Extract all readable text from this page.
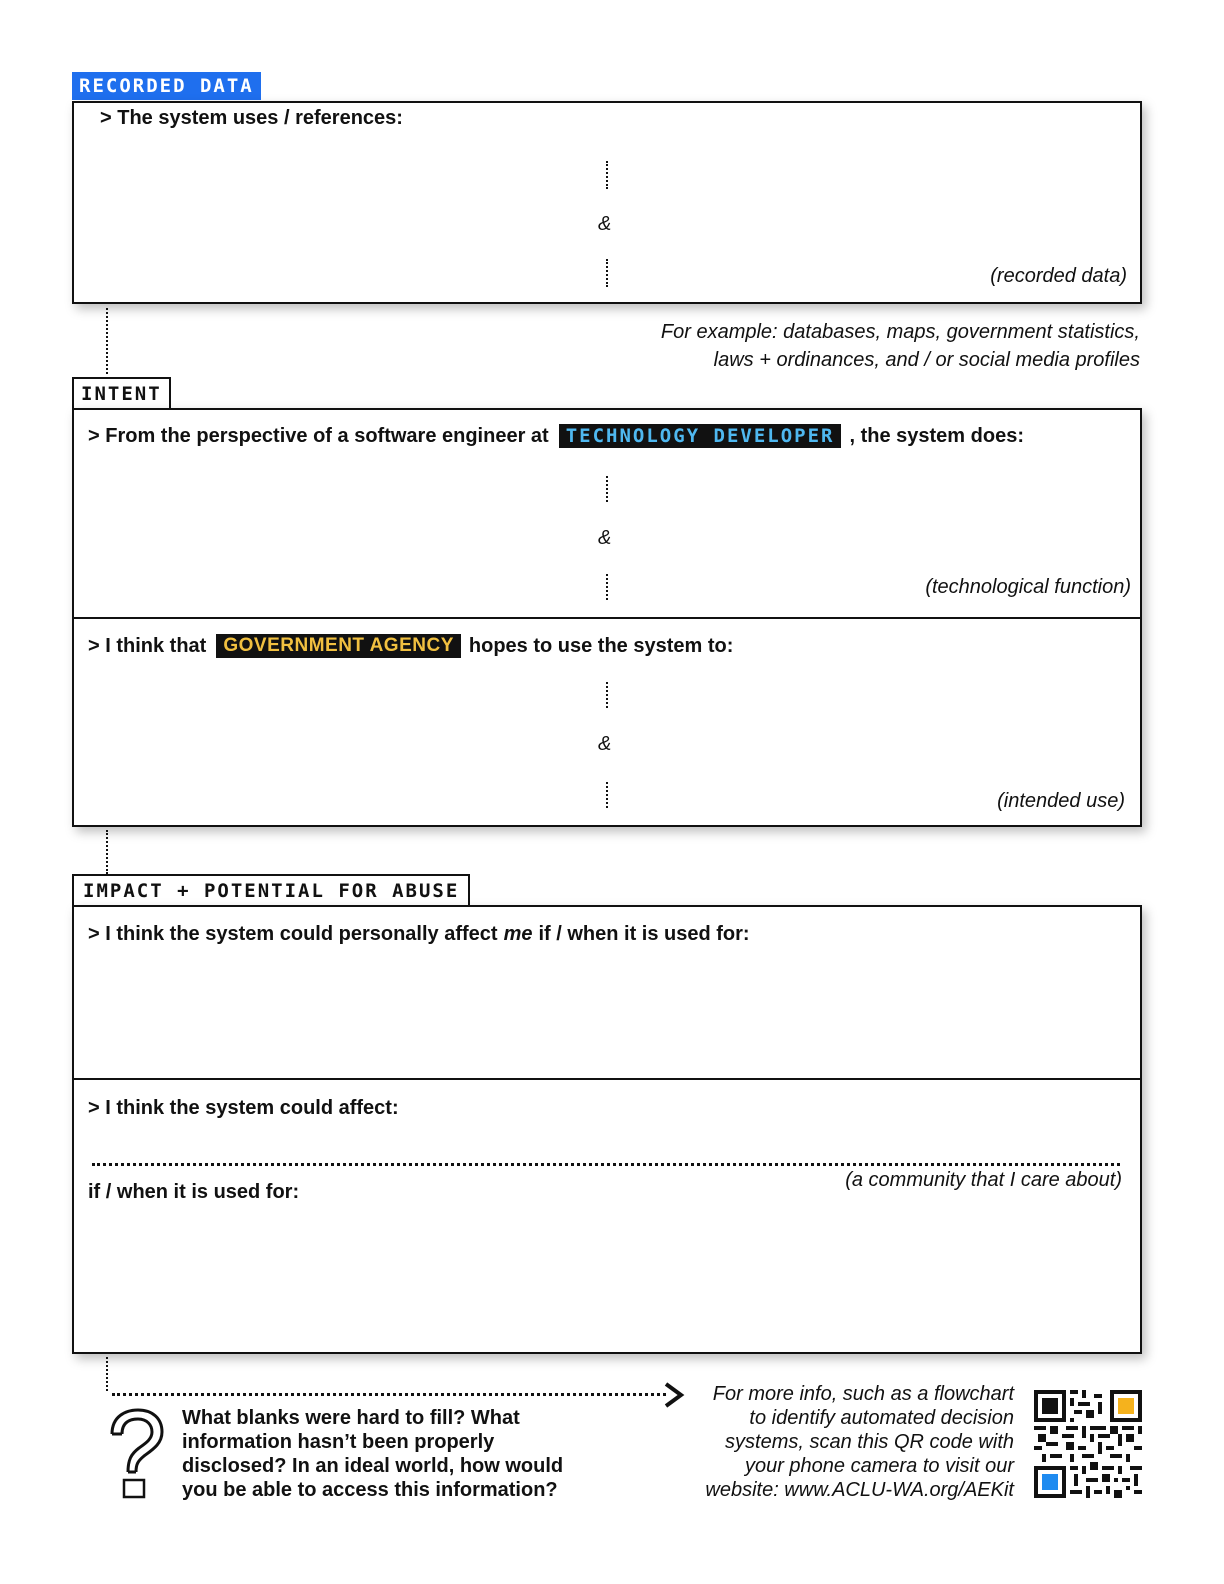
RECORDED DATA
> The system uses / references:
&
(recorded data)
For example: databases, maps, government statistics,
laws + ordinances, and / or social media profiles
INTENT
> From the perspective of a software engineer at TECHNOLOGY DEVELOPER , the system does:
&
(technological function)
> I think that GOVERNMENT AGENCY hopes to use the system to:
&
(intended use)
IMPACT + POTENTIAL FOR ABUSE
> I think the system could personally affect me if / when it is used for:
> I think the system could affect:
(a community that I care about)
if / when it is used for:
What blanks were hard to fill? What information hasn’t been properly disclosed? In an ideal world, how would you be able to access this information?
For more info, such as a flowchart
to identify automated decision
systems, scan this QR code with
your phone camera to visit our
website: www.ACLU-WA.org/AEKit
